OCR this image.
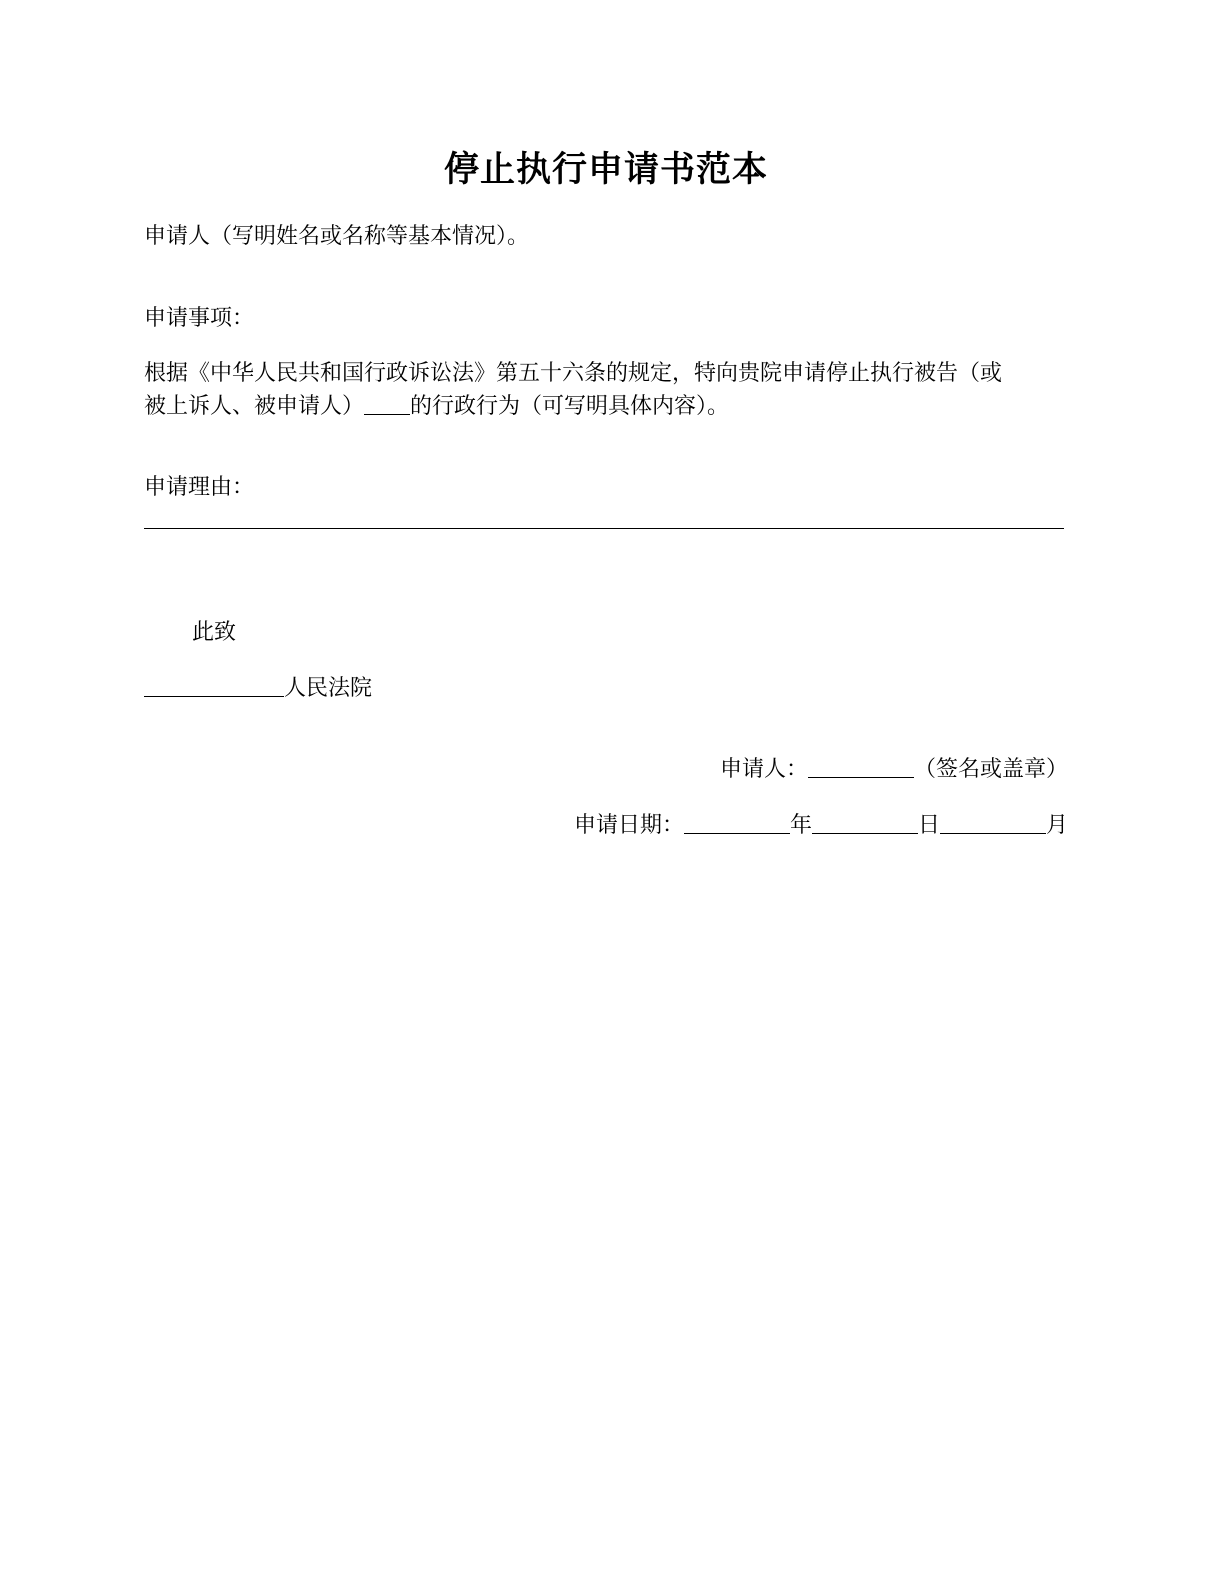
停止执行申请书范本
申请人（写明姓名或名称等基本情况）。
申请事项：
根据《中华人民共和国行政诉讼法》第五十六条的规定，特向贵院申请停止执行被告（或
被上诉人、被申请人） 的行政行为（可写明具体内容）。
申请理由：
此致
人民法院
申请人：	（签名或盖章）
申请日期：	年	日	月
